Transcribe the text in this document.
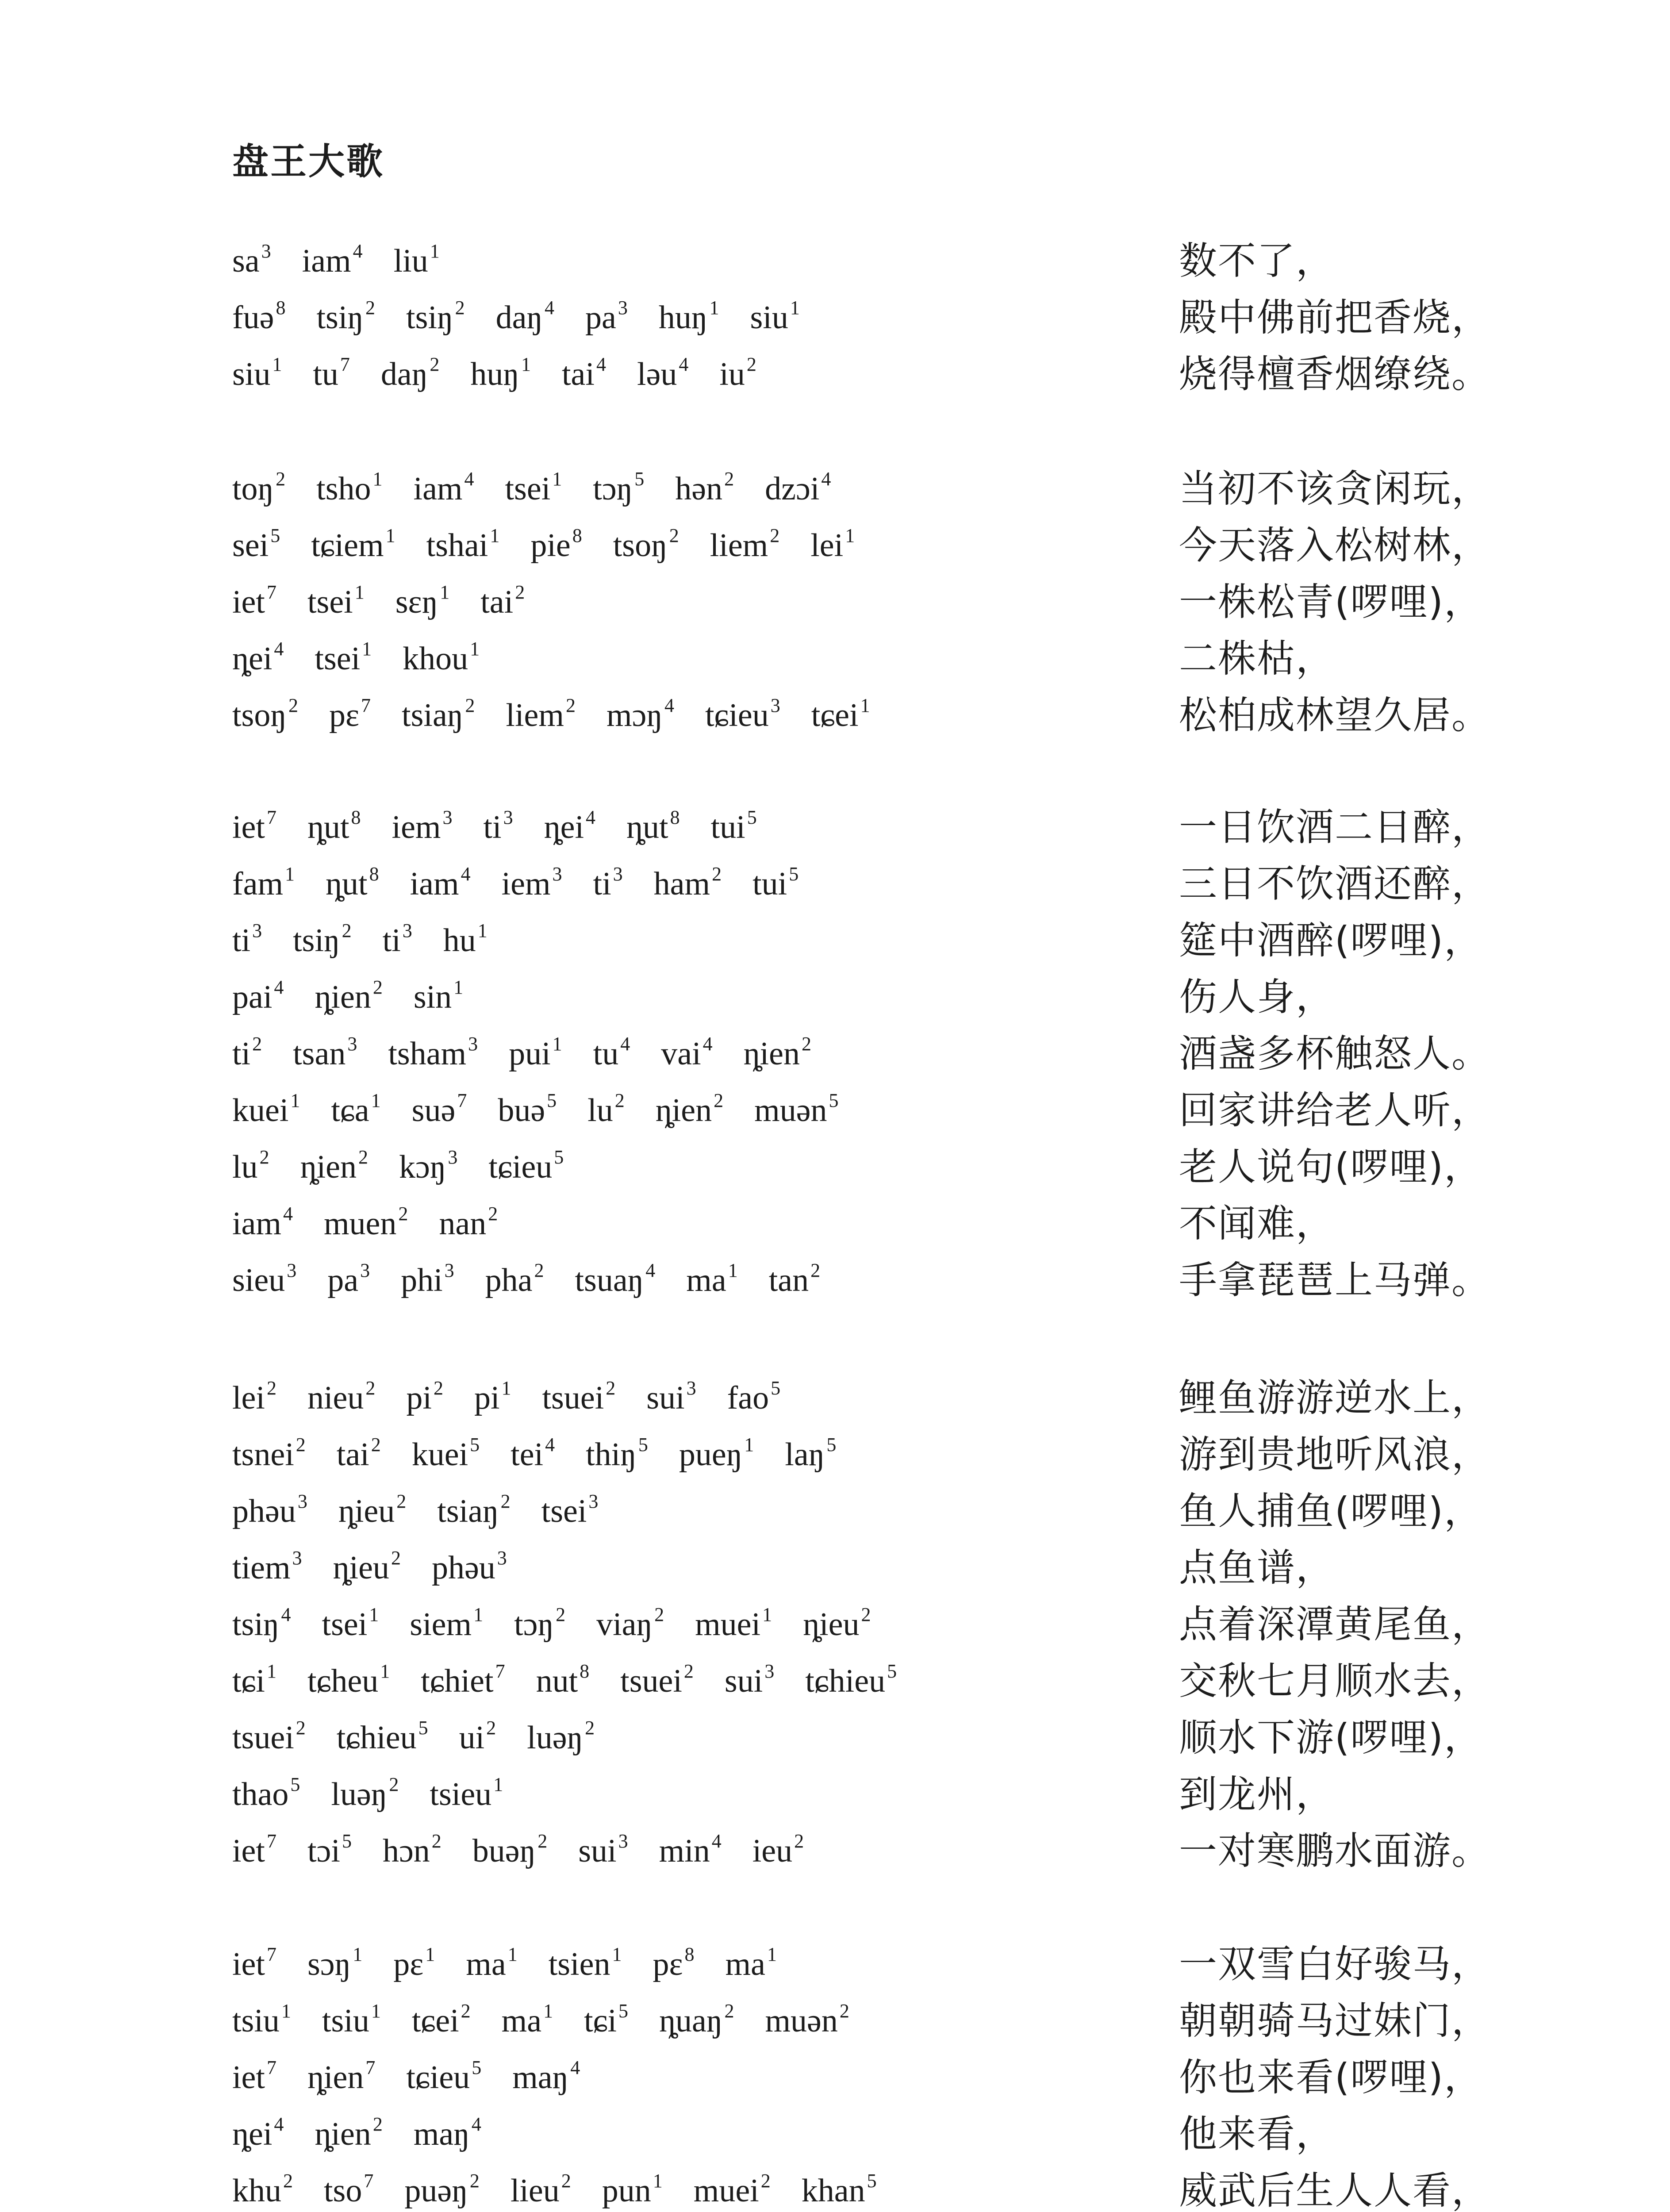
盘王大歌
$sa^3$ iam$^4$ liu$^1$	数不了，
fuə$^8$ tsiŋ$^2$ tsiŋ$^2$ daŋ$^4$ $pa^3$ huŋ$^1$ siu$^1$	殿中佛前把香烧，
siu$^1$ $tu^7$ daŋ$^2$ huŋ$^1$ tai$^4$ ləu$^4$ $iu^2$	烧得檀香烟缭绕。
toŋ$^2$ tsho$^1$ iam$^4$ tsei$^1$ tɔŋ$^5$ hən$^2$ dzɔi$^4$	当初不该贪闲玩，
sei$^5$ tɕiem$^1$ tshai$^1$ pie$^8$ tsoŋ$^2$ liem$^2$ lei$^1$	今天落入松树林，
iet$^7$ tsei$^1$ sɛŋ$^1$ tai$^2$	一株松青(啰哩)，
ȵei$^4$ tsei$^1$ khou$^1$	二株枯，
tsoŋ$^2$ pɛ$^7$ tsiaŋ$^2$ liem$^2$ mɔŋ$^4$ tɕieu$^3$ tɕei$^1$	松柏成林望久居。
iet$^7$ ȵut$^8$ iem$^3$ $ti^3$ ȵei$^4$ ȵut$^8$ tui$^5$	一日饮酒二日醉，
fam$^1$ ȵut$^8$ iam$^4$ iem$^3$ $ti^3$ ham$^2$ tui$^5$	三日不饮酒还醉，
$ti^3$ tsiŋ$^2$ $ti^3$ $hu^1$	筵中酒醉(啰哩)，
pai$^4$ ȵien$^2$ $\sin^1$	伤人身，
$ti^2$ tsan$^3$ tsham$^3$ pui$^1$ $tu^4$ vai$^4$ ȵien$^2$	酒盏多杯触怒人。
kuei$^1$ tɕa$^1$ suə$^7$ buə$^5$ $lu^2$ ȵien$^2$ muən$^5$	回家讲给老人听，
$lu^2$ ȵien$^2$ kɔŋ$^3$ tɕieu$^5$	老人说句(啰哩)，
iam$^4$ muen$^2$ nan$^2$	不闻难，
sieu$^3$ $pa^3$ phi$^3$ pha$^2$ tsuaŋ$^4$ $ma^1$ $\tan^2$	手拿琵琶上马弹。
lei$^2$ nieu$^2$ $pi^2$ $pi^1$ tsuei$^2$ sui$^3$ fao$^5$	鲤鱼游游逆水上，
tsnei$^2$ tai$^2$ kuei$^5$ tei$^4$ thiŋ$^5$ pueŋ$^1$ laŋ$^5$	游到贵地听风浪，
phəu$^3$ ȵieu$^2$ tsiaŋ$^2$ tsei$^3$	鱼人捕鱼(啰哩)，
tiem$^3$ ȵieu$^2$ phəu$^3$	点鱼谱，
tsiŋ$^4$ tsei$^1$ siem$^1$ tɔŋ$^2$ viaŋ$^2$ muei$^1$ ȵieu$^2$	点着深潭黄尾鱼，
tɕi$^1$ tɕheu$^1$ tɕhiet$^7$ nut$^8$ tsuei$^2$ sui$^3$ tɕhieu$^5$	交秋七月顺水去，
tsuei$^2$ tɕhieu$^5$ $ui^2$ luəŋ$^2$	顺水下游(啰哩)，
thao$^5$ luəŋ$^2$ tsieu$^1$	到龙州，
iet$^7$ tɔi$^5$ hɔn$^2$ buəŋ$^2$ sui$^3$ $\min^4 ieu^2$	一对寒鹏水面游。
iet$^7$ sɔŋ$^1$ pɛ$^1$ $ma^1$ tsien$^1$ pɛ$^8$ $ma^1$	一双雪白好骏马，
tsiu$^1$ tsiu$^1$ tɕei$^2$ $ma^1$ tɕi$^5$ ȵuaŋ$^2$ muən$^2$	朝朝骑马过妹门，
iet$^7$ ȵien$^7$ tɕieu$^5$ maŋ$^4$	你也来看(啰哩)，
ȵei$^4$ ȵien$^2$ maŋ$^4$	他来看，
khu$^2$ tso$^7$ puəŋ$^2$ lieu$^2$ pun$^1$ muei$^2$ khan$^5$	威武后生人人看，
